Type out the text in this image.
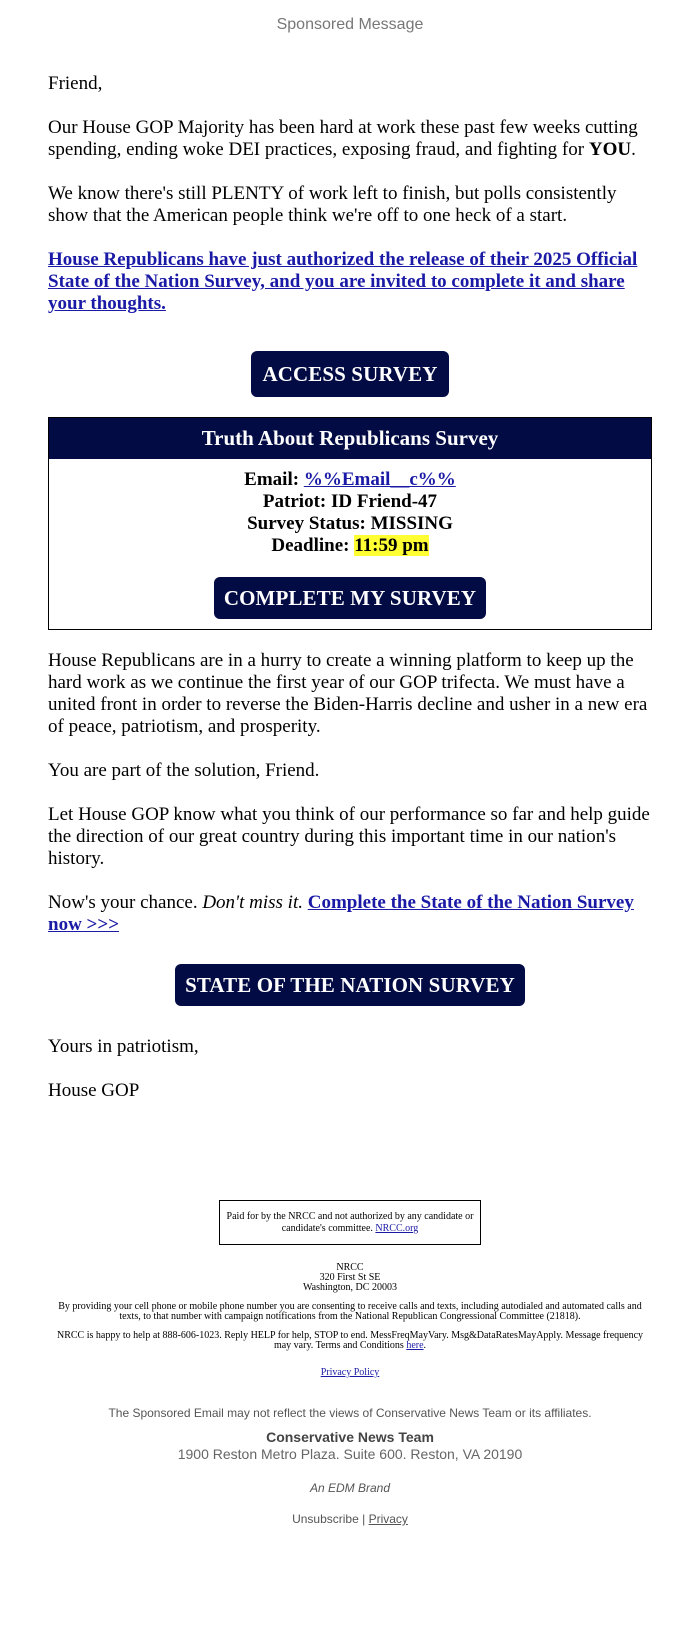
Sponsored Message

Friend,

Our House GOP Majority has been hard at work these past few weeks cutting spending, ending woke DEI practices, exposing fraud, and fighting for YOU.

We know there's still PLENTY of work left to finish, but polls consistently show that the American people think we're off to one heck of a start.

House Republicans have just authorized the release of their 2025 Official State of the Nation Survey, and you are invited to complete it and share your thoughts.

ACCESS SURVEY
Truth About Republicans Survey
Email: %%Email__c%%
Patriot: ID Friend-47
Survey Status: MISSING
Deadline: 11:59 pm
COMPLETE MY SURVEY

House Republicans are in a hurry to create a winning platform to keep up the hard work as we continue the first year of our GOP trifecta. We must have a united front in order to reverse the Biden-Harris decline and usher in a new era of peace, patriotism, and prosperity.

You are part of the solution, Friend.

Let House GOP know what you think of our performance so far and help guide the direction of our great country during this important time in our nation's history.

Now's your chance. Don't miss it. Complete the State of the Nation Survey now >>>

STATE OF THE NATION SURVEY

Yours in patriotism,

House GOP

Paid for by the NRCC and not authorized by any candidate or candidate's committee. NRCC.org
NRCC
320 First St SE
Washington, DC 20003
By providing your cell phone or mobile phone number you are consenting to receive calls and texts, including autodialed and automated calls and texts, to that number with campaign notifications from the National Republican Congressional Committee (21818).
NRCC is happy to help at 888-606-1023. Reply HELP for help, STOP to end. MessFreqMayVary. Msg&DataRatesMayApply. Message frequency may vary. Terms and Conditions here.
Privacy Policy
The Sponsored Email may not reflect the views of Conservative News Team or its affiliates.
Conservative News Team
1900 Reston Metro Plaza. Suite 600. Reston, VA 20190
An EDM Brand
Unsubscribe | Privacy
